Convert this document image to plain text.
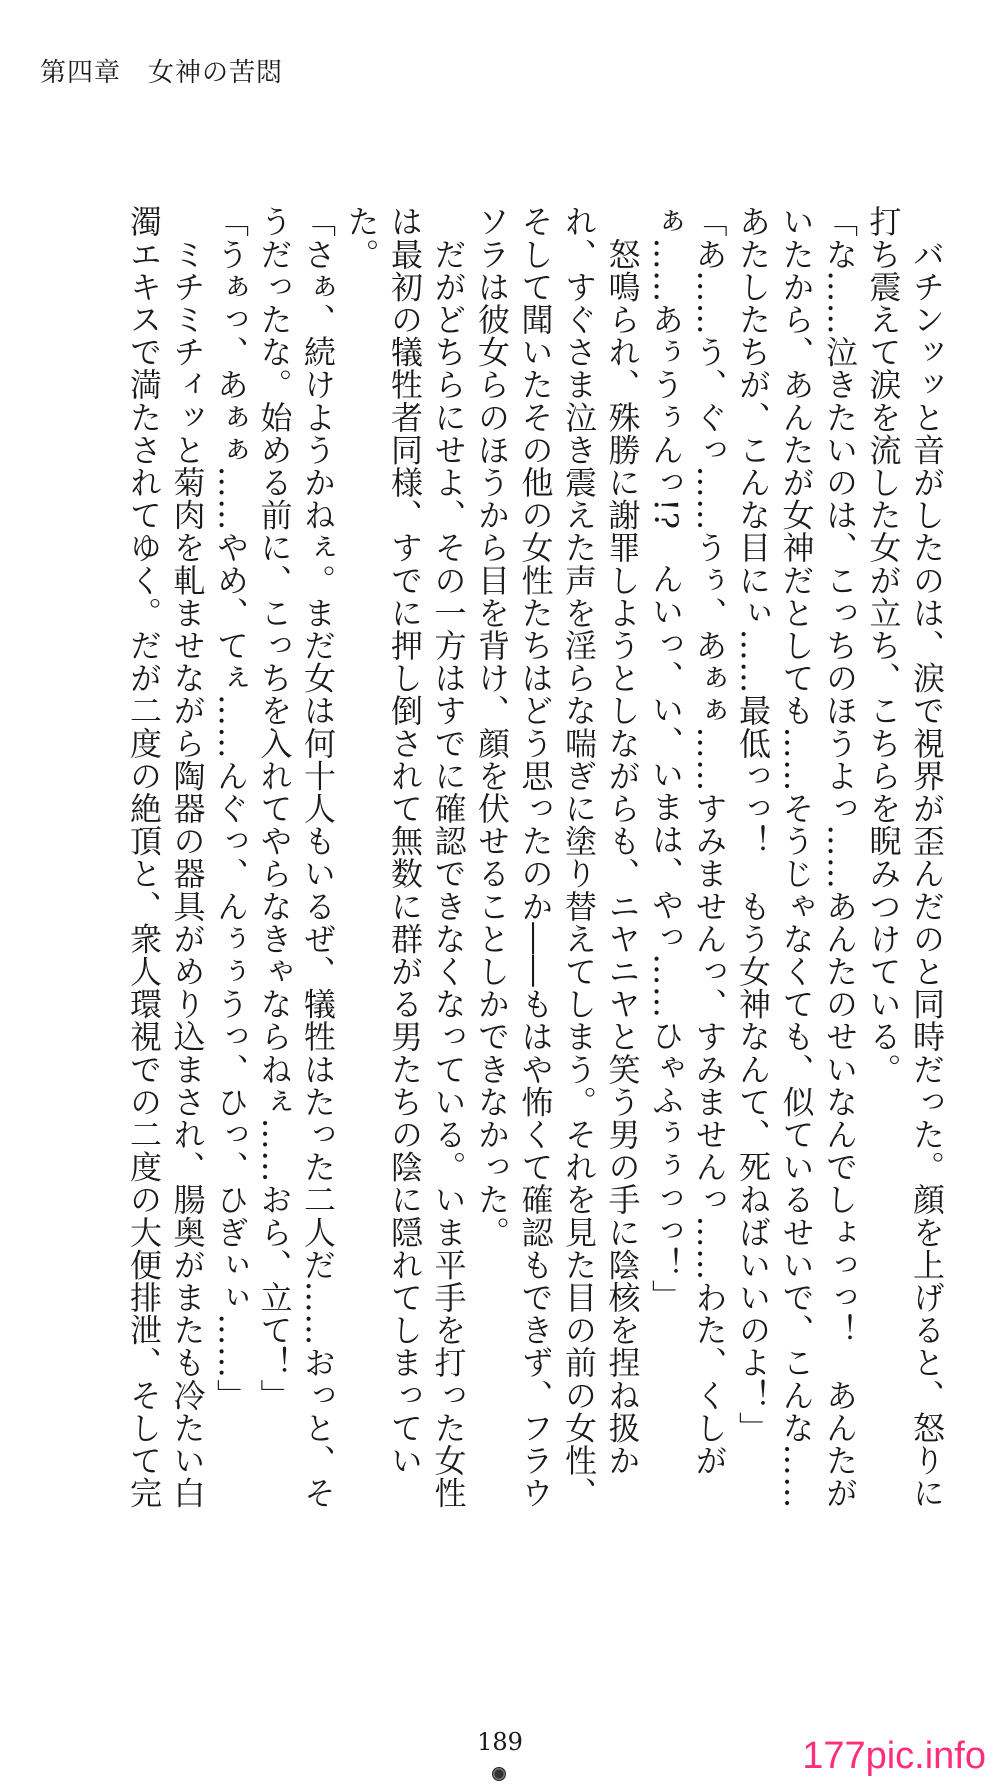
第四章　女神の苦悶

　バチンッッと音がしたのは、涙で視界が歪んだのと同時だった。顔を上げると、怒りに打ち震えて涙を流した女が立ち、こちらを睨みつけている。

「な……泣きたいのは、こっちのほうよっ……あんたのせいなんでしょっっ！　あんたがいたから、あんたが女神だとしても……そうじゃなくても、似ているせいで、こんな……あたしたちが、こんな目にぃ……最低っっ！　もう女神なんて、死ねばいいのよ！」

「あ……う、ぐっ……うぅ、あぁぁ……すみませんっ、すみませんっ……わた、くしがぁ……あぅうぅんっ!?　んいっ、い、いまは、やっ……ひゃふぅぅっっ！」

　怒鳴られ、殊勝に謝罪しようとしながらも、ニヤニヤと笑う男の手に陰核を捏ね扱かれ、すぐさま泣き震えた声を淫らな喘ぎに塗り替えてしまう。それを見た目の前の女性、そして聞いたその他の女性たちはどう思ったのか――もはや怖くて確認もできず、フラウソラは彼女らのほうから目を背け、顔を伏せることしかできなかった。

　だがどちらにせよ、その一方はすでに確認できなくなっている。いま平手を打った女性は最初の犠牲者同様、すでに押し倒されて無数に群がる男たちの陰に隠れてしまっていた。

「さぁ、続けようかねぇ。まだ女は何十人もいるぜ、犠牲はたった二人だ……おっと、そうだったな。始める前に、こっちを入れてやらなきゃならねぇ……おら、立て！」

「うぁっ、あぁぁ……やめ、てぇ……んぐっ、んぅぅうっ、ひっ、ひぎぃぃ……」

　ミチミチィッと菊肉を軋ませながら陶器の器具がめり込まされ、腸奥がまたも冷たい白濁エキスで満たされてゆく。だが二度の絶頂と、衆人環視での二度の大便排泄、そして完

189	177pic.info
